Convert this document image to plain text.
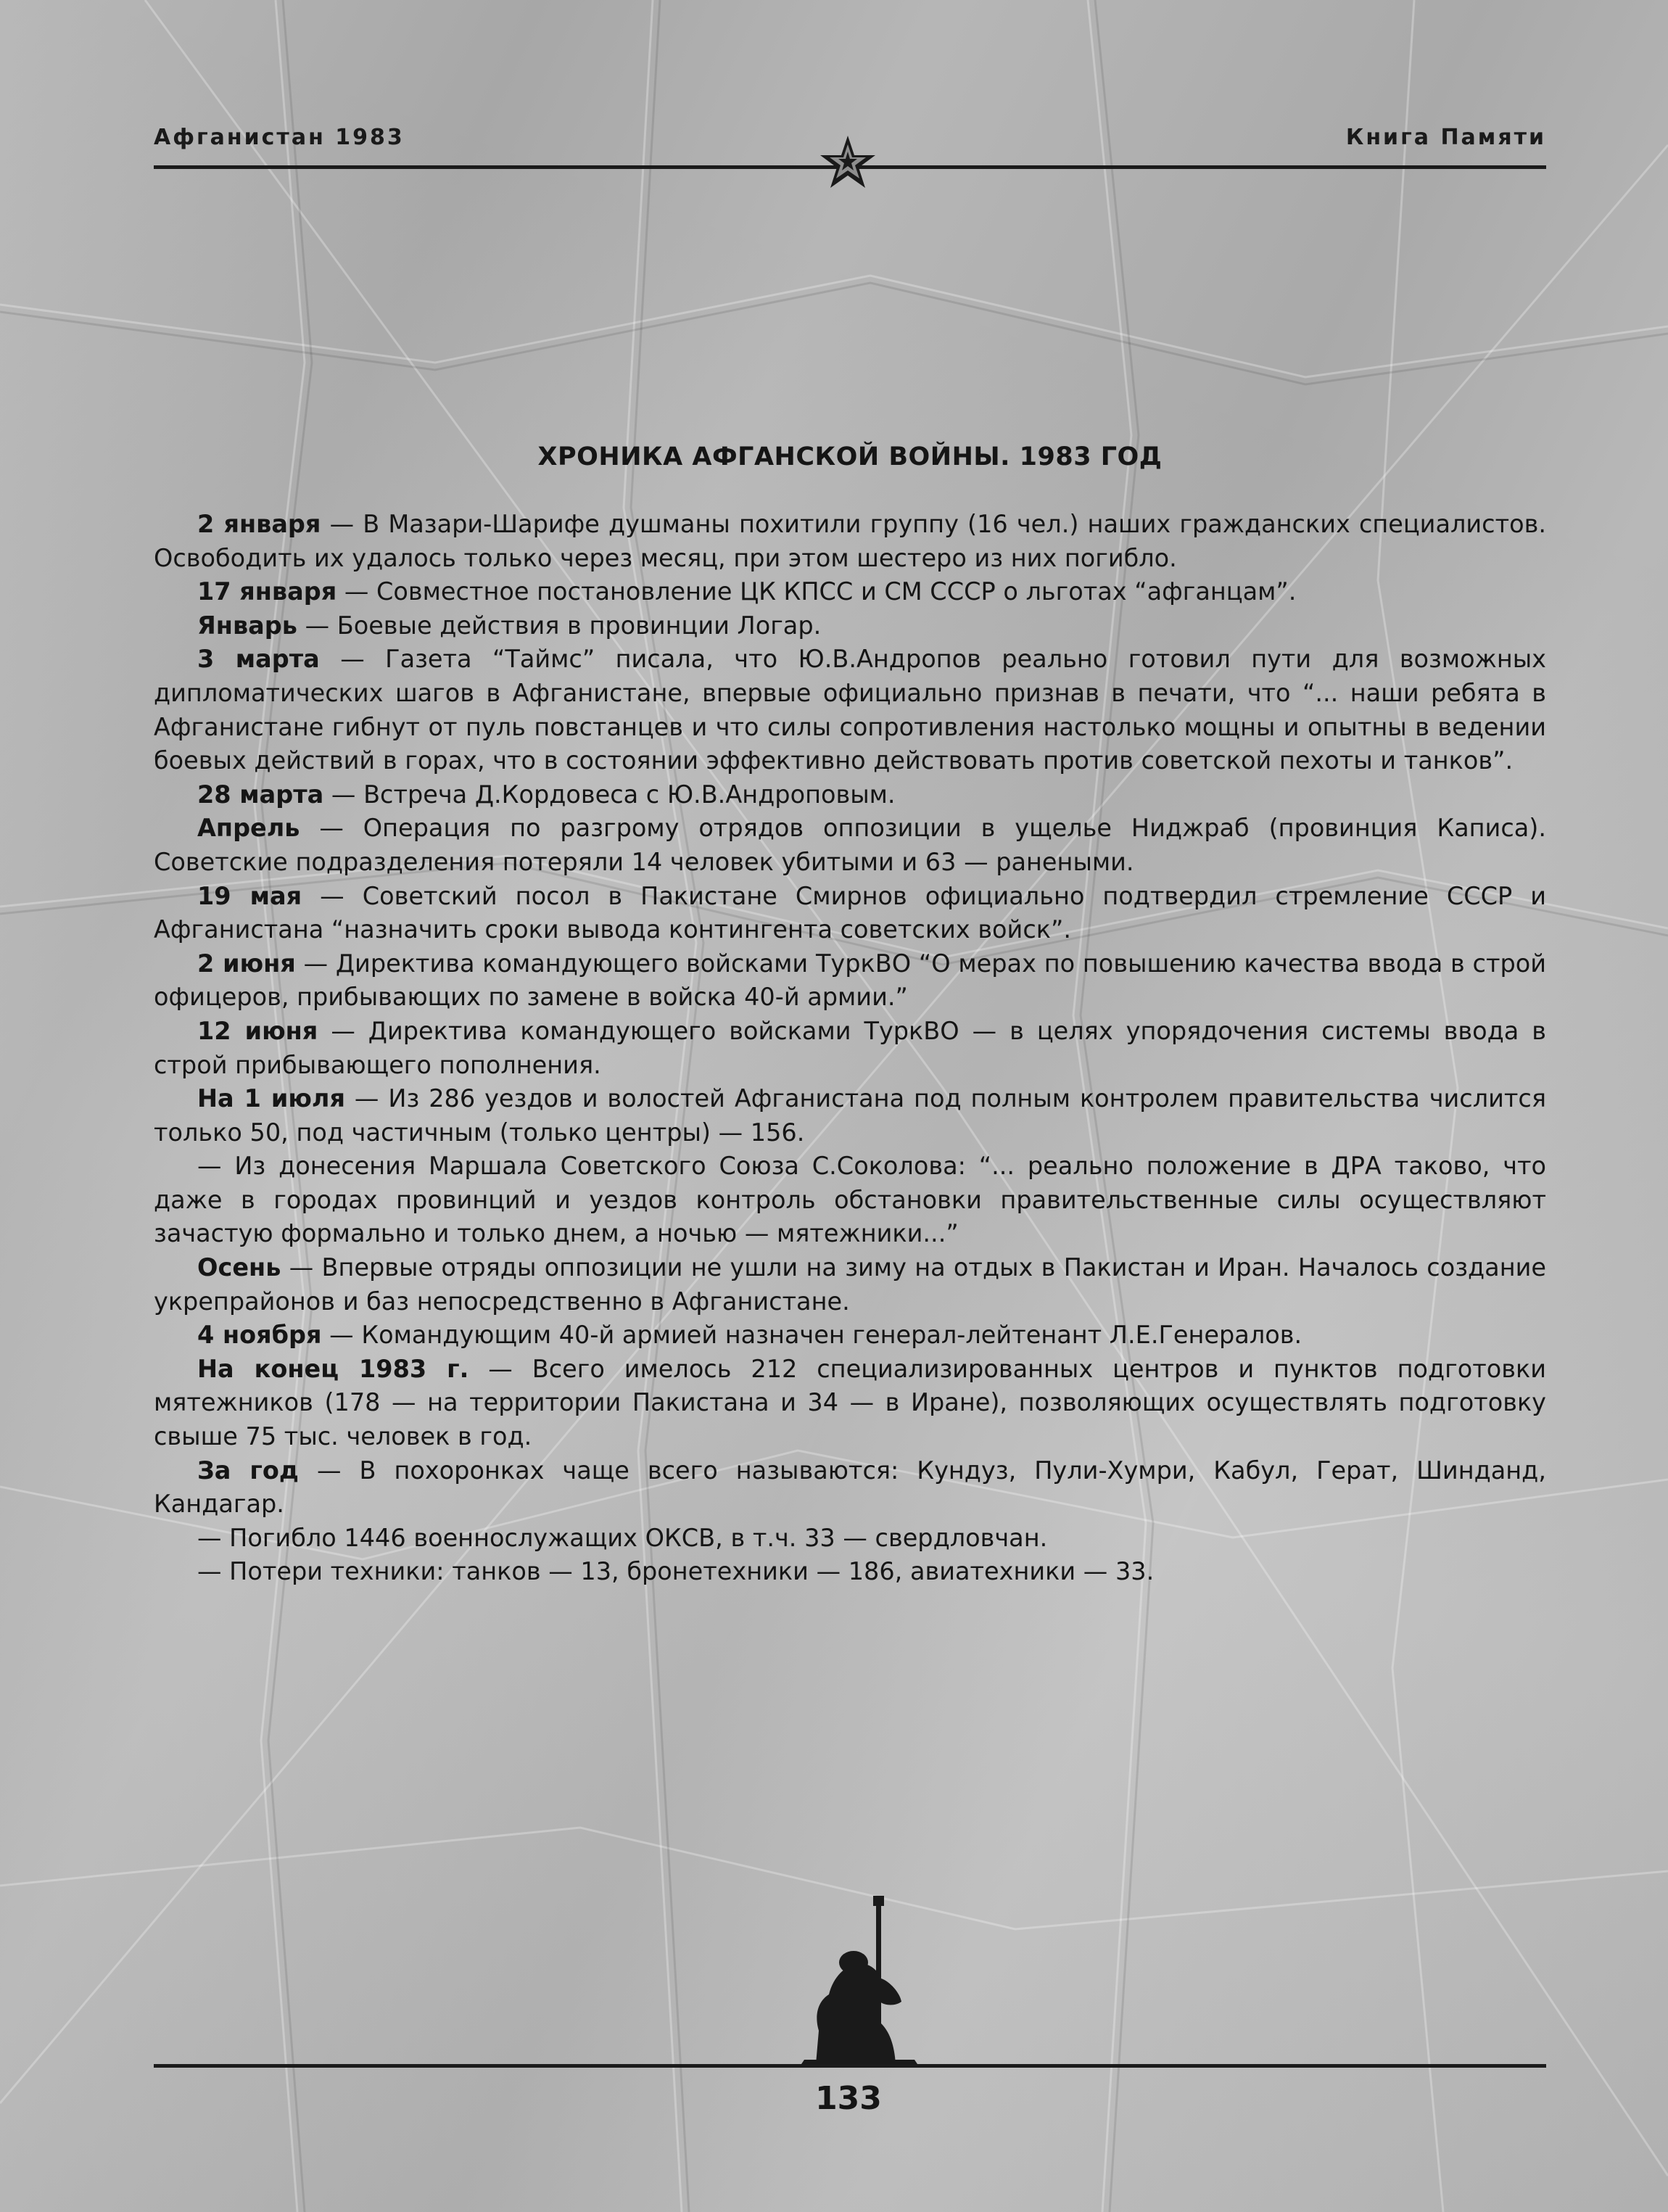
Афганистан 1983	Книга Памяти
ХРОНИКА АФГАНСКОЙ ВОЙНЫ. 1983 ГОД

2 января — В Мазари-Шарифе душманы похитили группу (16 чел.) наших гражданских специалистов. Освободить их удалось только через месяц, при этом шестеро из них погибло.

17 января — Совместное постановление ЦК КПСС и СМ СССР о льготах “афганцам”.

Январь — Боевые действия в провинции Логар.

3 марта — Газета “Таймс” писала, что Ю.В.Андропов реально готовил пути для возможных дипломатических шагов в Афганистане, впервые официально признав в печати, что “... наши ребята в Афганистане гибнут от пуль повстанцев и что силы сопротивления настолько мощны и опытны в ведении боевых действий в горах, что в состоянии эффективно действовать против советской пехоты и танков”.

28 марта — Встреча Д.Кордовеса с Ю.В.Андроповым.

Апрель — Операция по разгрому отрядов оппозиции в ущелье Ниджраб (провинция Каписа). Советские подразделения потеряли 14 человек убитыми и 63 — ранеными.

19 мая — Советский посол в Пакистане Смирнов официально подтвердил стремление СССР и Афганистана “назначить сроки вывода контингента советских войск”.

2 июня — Директива командующего войсками ТуркВО “О мерах по повышению качества ввода в строй офицеров, прибывающих по замене в войска 40-й армии.”

12 июня — Директива командующего войсками ТуркВО — в целях упорядочения системы ввода в строй прибывающего пополнения.

На 1 июля — Из 286 уездов и волостей Афганистана под полным контролем правительства числится только 50, под частичным (только центры) — 156.

— Из донесения Маршала Советского Союза С.Соколова: “... реально положение в ДРА таково, что даже в городах провинций и уездов контроль обстановки правительственные силы осуществляют зачастую формально и только днем, а ночью — мятежники...”

Осень — Впервые отряды оппозиции не ушли на зиму на отдых в Пакистан и Иран. Началось создание укрепрайонов и баз непосредственно в Афганистане.

4 ноября — Командующим 40-й армией назначен генерал-лейтенант Л.Е.Генералов.

На конец 1983 г. — Всего имелось 212 специализированных центров и пунктов подготовки мятежников (178 — на территории Пакистана и 34 — в Иране), позволяющих осуществлять подготовку свыше 75 тыс. человек в год.

За год — В похоронках чаще всего называются: Кундуз, Пули-Хумри, Кабул, Герат, Шинданд, Кандагар.

— Погибло 1446 военнослужащих ОКСВ, в т.ч. 33 — свердловчан.

— Потери техники: танков — 13, бронетехники — 186, авиатехники — 33.

133
